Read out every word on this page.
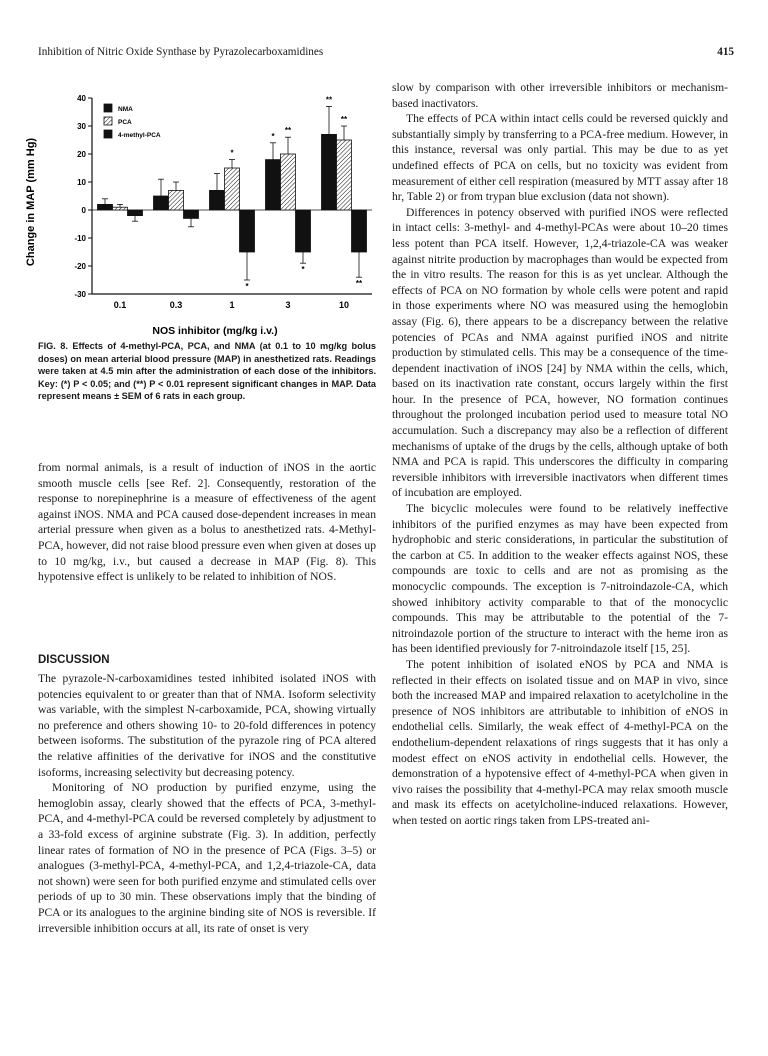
Inhibition of Nitric Oxide Synthase by Pyrazolecarboxamidines	415
Change in MAP (mm Hg)
40
30
20
10
0
-10
-20
-30
0.1	0.3	1	3	10
*
*
*
**
*
**
**
**
NMA
PCA
4-methyl-PCA
NOS inhibitor (mg/kg i.v.)
FIG. 8. Effects of 4-methyl-PCA, PCA, and NMA (at 0.1 to 10 mg/kg bolus doses) on mean arterial blood pressure (MAP) in anesthetized rats. Readings were taken at 4.5 min after the administration of each dose of the inhibitors. Key: (*) P < 0.05; and (**) P < 0.01 represent significant changes in MAP. Data represent means ± SEM of 6 rats in each group.

from normal animals, is a result of induction of iNOS in the aortic smooth muscle cells [see Ref. 2]. Consequently, restoration of the response to norepinephrine is a measure of effectiveness of the agent against iNOS. NMA and PCA caused dose-dependent increases in mean arterial pressure when given as a bolus to anesthetized rats. 4-Methyl-PCA, however, did not raise blood pressure even when given at doses up to 10 mg/kg, i.v., but caused a decrease in MAP (Fig. 8). This hypotensive effect is unlikely to be related to inhibition of NOS.

DISCUSSION

The pyrazole-N-carboxamidines tested inhibited isolated iNOS with potencies equivalent to or greater than that of NMA. Isoform selectivity was variable, with the simplest N-carboxamide, PCA, showing virtually no preference and others showing 10- to 20-fold differences in potency between isoforms. The substitution of the pyrazole ring of PCA altered the relative affinities of the derivative for iNOS and the constitutive isoforms, increasing selectivity but decreasing potency.

Monitoring of NO production by purified enzyme, using the hemoglobin assay, clearly showed that the effects of PCA, 3-methyl-PCA, and 4-methyl-PCA could be reversed completely by adjustment to a 33-fold excess of arginine substrate (Fig. 3). In addition, perfectly linear rates of formation of NO in the presence of PCA (Figs. 3–5) or analogues (3-methyl-PCA, 4-methyl-PCA, and 1,2,4-triazole-CA, data not shown) were seen for both purified enzyme and stimulated cells over periods of up to 30 min. These observations imply that the binding of PCA or its analogues to the arginine binding site of NOS is reversible. If irreversible inhibition occurs at all, its rate of onset is very

slow by comparison with other irreversible inhibitors or mechanism-based inactivators.

The effects of PCA within intact cells could be reversed quickly and substantially simply by transferring to a PCA-free medium. However, in this instance, reversal was only partial. This may be due to as yet undefined effects of PCA on cells, but no toxicity was evident from measurement of either cell respiration (measured by MTT assay after 18 hr, Table 2) or from trypan blue exclusion (data not shown).

Differences in potency observed with purified iNOS were reflected in intact cells: 3-methyl- and 4-methyl-PCAs were about 10–20 times less potent than PCA itself. However, 1,2,4-triazole-CA was weaker against nitrite production by macrophages than would be expected from the in vitro results. The reason for this is as yet unclear. Although the effects of PCA on NO formation by whole cells were potent and rapid in those experiments where NO was measured using the hemoglobin assay (Fig. 6), there appears to be a discrepancy between the relative potencies of PCAs and NMA against purified iNOS and nitrite production by stimulated cells. This may be a consequence of the time-dependent inactivation of iNOS [24] by NMA within the cells, which, based on its inactivation rate constant, occurs largely within the first hour. In the presence of PCA, however, NO formation continues throughout the prolonged incubation period used to measure total NO accumulation. Such a discrepancy may also be a reflection of different mechanisms of uptake of the drugs by the cells, although uptake of both NMA and PCA is rapid. This underscores the difficulty in comparing reversible inhibitors with irreversible inactivators when different times of incubation are employed.

The bicyclic molecules were found to be relatively ineffective inhibitors of the purified enzymes as may have been expected from hydrophobic and steric considerations, in particular the substitution of the carbon at C5. In addition to the weaker effects against NOS, these compounds are toxic to cells and are not as promising as the monocyclic compounds. The exception is 7-nitroindazole-CA, which showed inhibitory activity comparable to that of the monocyclic compounds. This may be attributable to the potential of the 7-nitroindazole portion of the structure to interact with the heme iron as has been identified previously for 7-nitroindazole itself [15, 25].

The potent inhibition of isolated eNOS by PCA and NMA is reflected in their effects on isolated tissue and on MAP in vivo, since both the increased MAP and impaired relaxation to acetylcholine in the presence of NOS inhibitors are attributable to inhibition of eNOS in endothelial cells. Similarly, the weak effect of 4-methyl-PCA on the endothelium-dependent relaxations of rings suggests that it has only a modest effect on eNOS activity in endothelial cells. However, the demonstration of a hypotensive effect of 4-methyl-PCA when given in vivo raises the possibility that 4-methyl-PCA may relax smooth muscle and mask its effects on acetylcholine-induced relaxations. However, when tested on aortic rings taken from LPS-treated ani-
